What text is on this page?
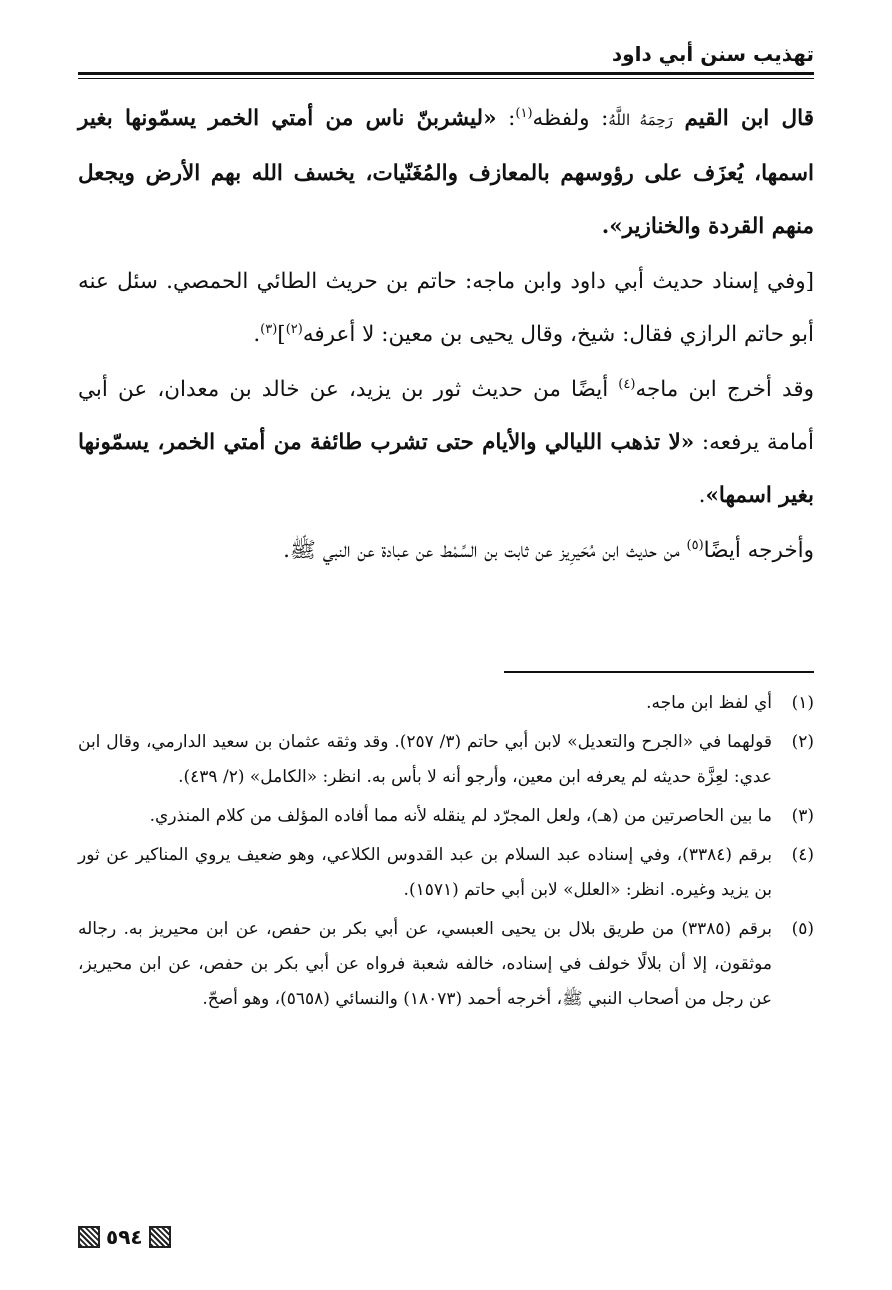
تهذيب سنن أبي داود

قال ابن القيم رَحِمَهُ اللَّهُ: ولفظه$^{(١)}$: «ليشربنّ ناس من أمتي الخمر يسمّونها بغير اسمها، يُعزَف على رؤوسهم بالمعازف والمُغَنّيات، يخسف الله بهم الأرض ويجعل منهم القردة والخنازير».

[وفي إسناد حديث أبي داود وابن ماجه: حاتم بن حريث الطائي الحمصي. سئل عنه أبو حاتم الرازي فقال: شيخ، وقال يحيى بن معين: لا أعرفه$^{(٢)}$]$^{(٣)}$.

وقد أخرج ابن ماجه$^{(٤)}$ أيضًا من حديث ثور بن يزيد، عن خالد بن معدان، عن أبي أمامة يرفعه: «لا تذهب الليالي والأيام حتى تشرب طائفة من أمتي الخمر، يسمّونها بغير اسمها».

وأخرجه أيضًا$^{(٥)}$ من حديث ابن مُحَيرِيز عن ثابت بن السِّمْط عن عبادة عن النبي ﷺ.

(١)
أي لفظ ابن ماجه.

(٢)
قولهما في «الجرح والتعديل» لابن أبي حاتم (٣/ ٢٥٧). وقد وثقه عثمان بن سعيد الدارمي، وقال ابن عدي: لعِزَّة حديثه لم يعرفه ابن معين، وأرجو أنه لا بأس به. انظر: «الكامل» (٢/ ٤٣٩).

(٣)
ما بين الحاصرتين من (هـ)، ولعل المجرّد لم ينقله لأنه مما أفاده المؤلف من كلام المنذري.

(٤)
برقم (٣٣٨٤)، وفي إسناده عبد السلام بن عبد القدوس الكلاعي، وهو ضعيف يروي المناكير عن ثور بن يزيد وغيره. انظر: «العلل» لابن أبي حاتم (١٥٧١).

(٥)
برقم (٣٣٨٥) من طريق بلال بن يحيى العبسي، عن أبي بكر بن حفص، عن ابن محيريز به. رجاله موثقون، إلا أن بلالًا خولف في إسناده، خالفه شعبة فرواه عن أبي بكر بن حفص، عن ابن محيريز، عن رجل من أصحاب النبي ﷺ، أخرجه أحمد (١٨٠٧٣) والنسائي (٥٦٥٨)، وهو أصحّ.

٥٩٤
